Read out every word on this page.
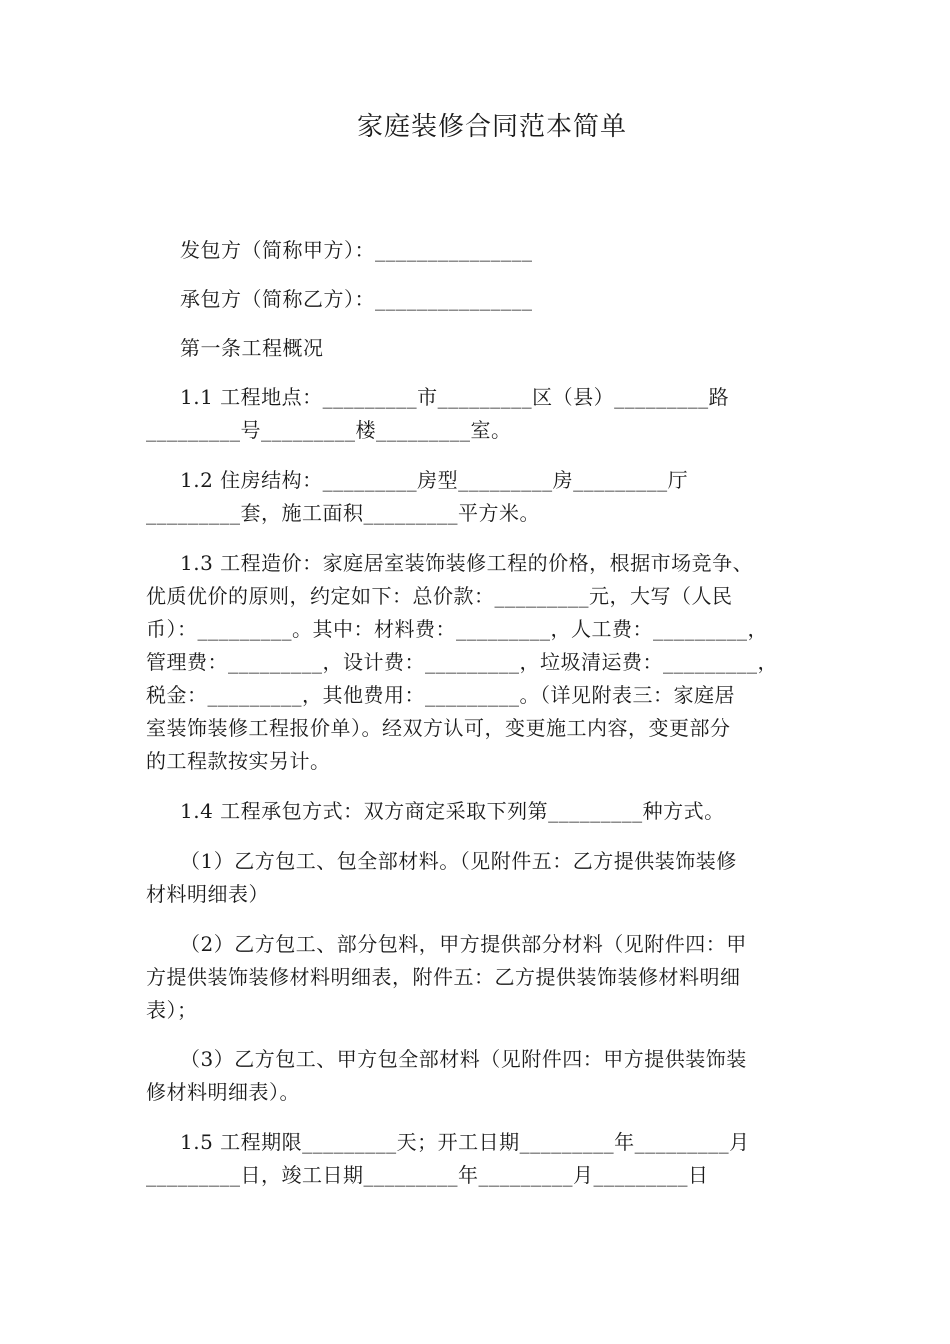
家庭装修合同范本简单
发包方（简称甲方）：_______________
承包方（简称乙方）：_______________
第一条工程概况
1.1 工程地点：_________市_________区（县）_________路
_________号_________楼_________室。
1.2 住房结构：_________房型_________房_________厅
_________套，施工面积_________平方米。
1.3 工程造价：家庭居室装饰装修工程的价格，根据市场竞争、
优质优价的原则，约定如下：总价款：_________元，大写（人民
币）：_________。其中：材料费：_________，人工费：_________，
管理费：_________，设计费：_________，垃圾清运费：_________，
税金：_________，其他费用：_________。（详见附表三：家庭居
室装饰装修工程报价单）。经双方认可，变更施工内容，变更部分
的工程款按实另计。
1.4 工程承包方式：双方商定采取下列第_________种方式。
（1）乙方包工、包全部材料。（见附件五：乙方提供装饰装修
材料明细表）
（2）乙方包工、部分包料，甲方提供部分材料（见附件四：甲
方提供装饰装修材料明细表，附件五：乙方提供装饰装修材料明细
表）；
（3）乙方包工、甲方包全部材料（见附件四：甲方提供装饰装
修材料明细表）。
1.5 工程期限_________天；开工日期_________年_________月
_________日，竣工日期_________年_________月_________日
